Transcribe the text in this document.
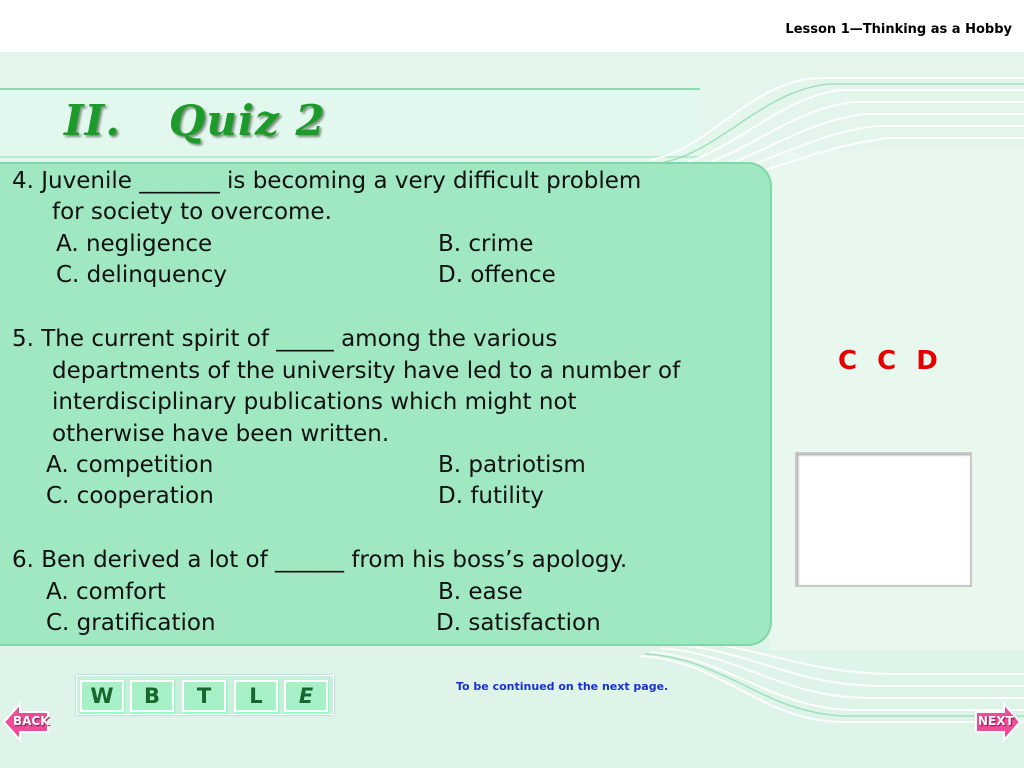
Lesson 1—Thinking as a Hobby
II. Quiz 2
4. Juvenile _______ is becoming a very difficult problem
for society to overcome.
A. negligence	B. crime
C. delinquency	D. offence
5. The current spirit of _____ among the various
departments of the university have led to a number of
interdisciplinary publications which might not
otherwise have been written.
A. competition	B. patriotism
C. cooperation	D. futility
6. Ben derived a lot of ______ from his boss’s apology.
A. comfort	B. ease
C. gratification	D. satisfaction
C C D
W	B	T	L	E	To be continued on the next page.
BACK	NEXT
